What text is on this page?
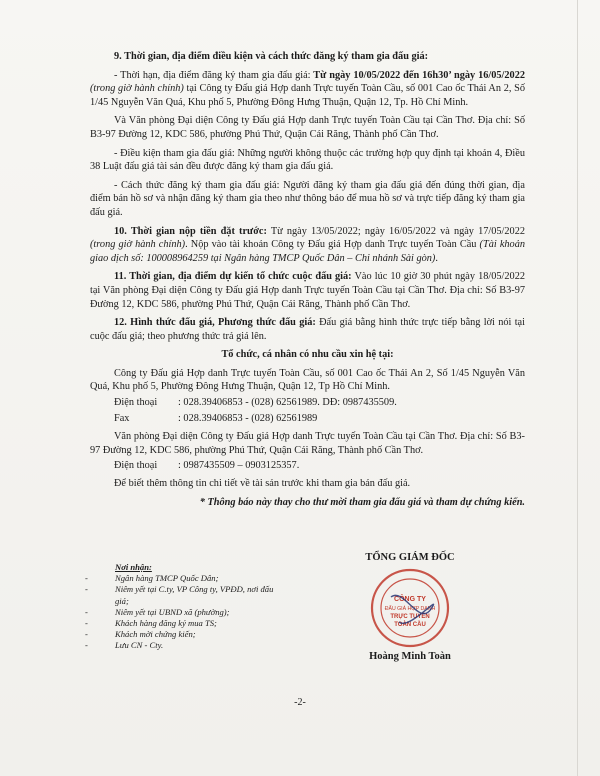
9. Thời gian, địa điểm điều kiện và cách thức đăng ký tham gia đấu giá:

- Thời hạn, địa điểm đăng ký tham gia đấu giá: Từ ngày 10/05/2022 đến 16h30’ ngày 16/05/2022 (trong giờ hành chính) tại Công ty Đấu giá Hợp danh Trực tuyến Toàn Cầu, số 001 Cao ốc Thái An 2, Số 1/45 Nguyễn Văn Quá, Khu phố 5, Phường Đông Hưng Thuận, Quận 12, Tp. Hồ Chí Minh.

Và Văn phòng Đại diện Công ty Đấu giá Hợp danh Trực tuyến Toàn Cầu tại Cần Thơ. Địa chỉ: Số B3-97 Đường 12, KDC 586, phường Phú Thứ, Quận Cái Răng, Thành phố Cần Thơ.

- Điều kiện tham gia đấu giá: Những người không thuộc các trường hợp quy định tại khoản 4, Điều 38 Luật đấu giá tài sản đều được đăng ký tham gia đấu giá.

- Cách thức đăng ký tham gia đấu giá: Người đăng ký tham gia đấu giá đến đúng thời gian, địa điểm bán hồ sơ và nhận đăng ký tham gia theo như thông báo để mua hồ sơ và trực tiếp đăng ký tham gia đấu giá.

10. Thời gian nộp tiền đặt trước: Từ ngày 13/05/2022; ngày 16/05/2022 và ngày 17/05/2022 (trong giờ hành chính). Nộp vào tài khoản Công ty Đấu giá Hợp danh Trực tuyến Toàn Cầu (Tài khoản giao dịch số: 100008964259 tại Ngân hàng TMCP Quốc Dân – Chi nhánh Sài gòn).

11. Thời gian, địa điểm dự kiến tổ chức cuộc đấu giá: Vào lúc 10 giờ 30 phút ngày 18/05/2022 tại Văn phòng Đại diện Công ty Đấu giá Hợp danh Trực tuyến Toàn Cầu tại Cần Thơ. Địa chỉ: Số B3-97 Đường 12, KDC 586, phường Phú Thứ, Quận Cái Răng, Thành phố Cần Thơ.

12. Hình thức đấu giá, Phương thức đấu giá: Đấu giá bằng hình thức trực tiếp bằng lời nói tại cuộc đấu giá; theo phương thức trả giá lên.

Tổ chức, cá nhân có nhu cầu xin hệ tại:

Công ty Đấu giá Hợp danh Trực tuyến Toàn Cầu, số 001 Cao ốc Thái An 2, Số 1/45 Nguyễn Văn Quá, Khu phố 5, Phường Đông Hưng Thuận, Quận 12, Tp Hồ Chí Minh.

Điện thoại	: 028.39406853 - (028) 62561989. DĐ: 0987435509.
Fax	: 028.39406853 - (028) 62561989

Văn phòng Đại diện Công ty Đấu giá Hợp danh Trực tuyến Toàn Cầu tại Cần Thơ. Địa chỉ: Số B3-97 Đường 12, KDC 586, phường Phú Thứ, Quận Cái Răng, Thành phố Cần Thơ.

Điện thoại	: 0987435509 – 0903125357.

Để biết thêm thông tin chi tiết về tài sản trước khi tham gia bán đấu giá.

* Thông báo này thay cho thư mời tham gia đấu giá và tham dự chứng kiến.

Nơi nhận:
- Ngân hàng TMCP Quốc Dân;
- Niêm yết tại C.ty, VP Công ty, VPĐD, nơi đấu giá;
- Niêm yết tại UBND xã (phường);
- Khách hàng đăng ký mua TS;
- Khách mời chứng kiến;
- Lưu CN - Cty.
TỔNG GIÁM ĐỐC
CÔNG TY
ĐẤU GIÁ HỢP DANH
TRỰC TUYẾN
TOÀN CẦU
Hoàng Minh Toàn
-2-
